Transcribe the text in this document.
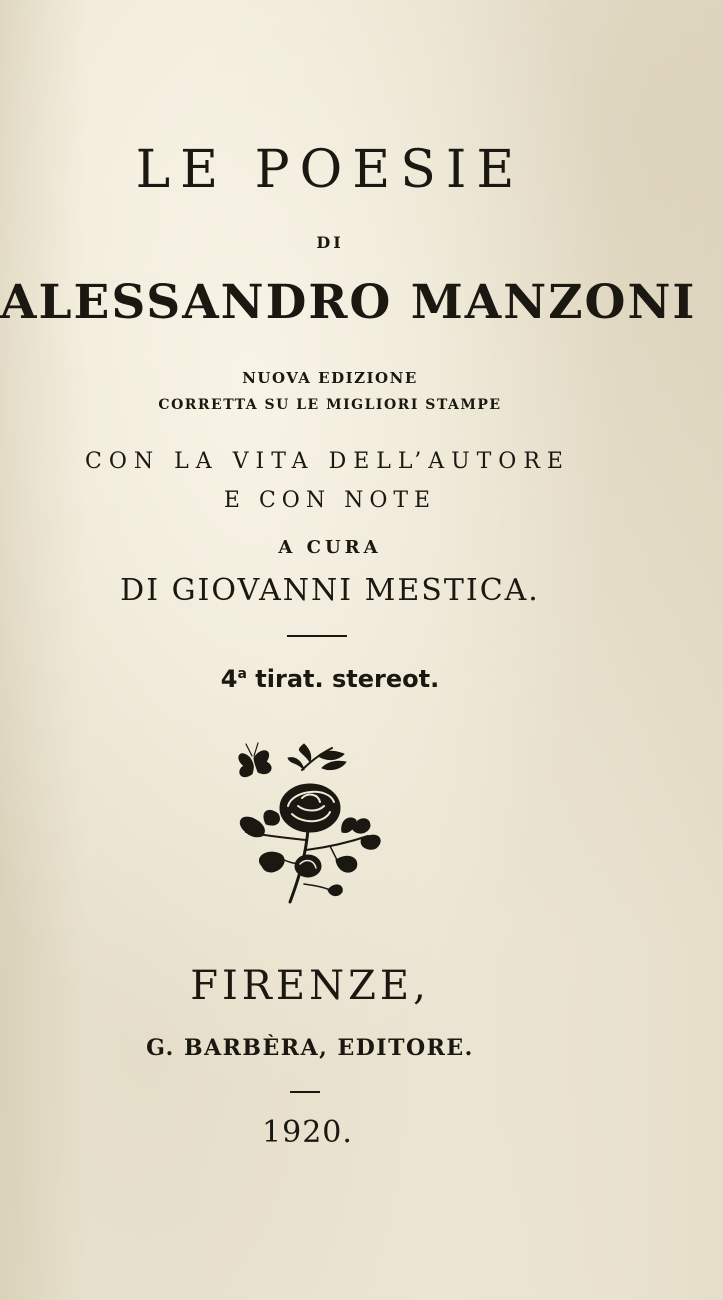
LE POESIE
DI
ALESSANDRO MANZONI
NUOVA EDIZIONE
CORRETTA SU LE MIGLIORI STAMPE
CON LA VITA DELL’AUTORE
E CON NOTE
A CURA
DI GIOVANNI MESTICA.
4$^a$ tirat. stereot.
FIRENZE,
G. BARBÈRA, EDITORE.
1920.
